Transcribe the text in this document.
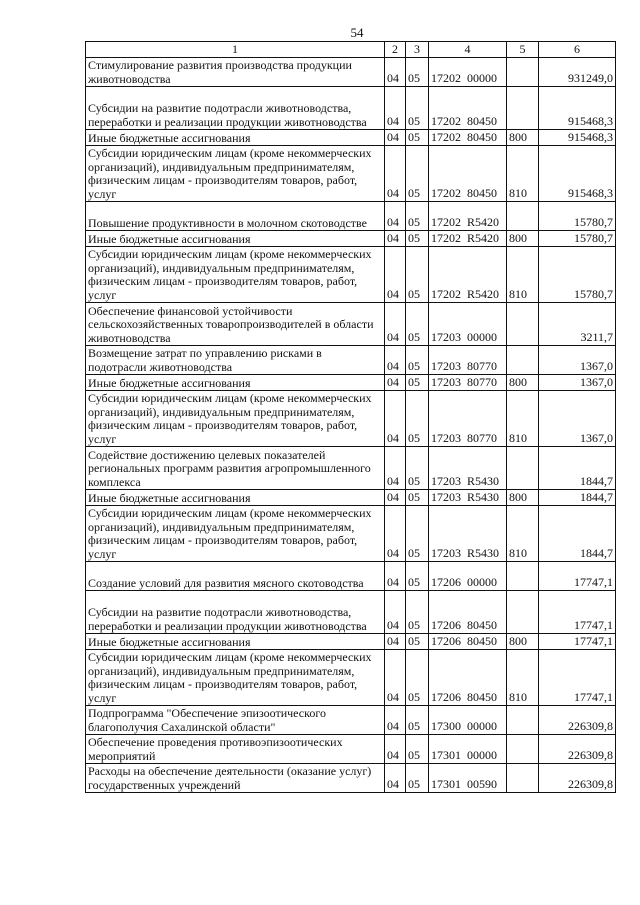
54
1	2	3	4	5	6
Стимулирование развития производства продукции животноводства	04	05	17202  00000		931249,0
Субсидии на развитие подотрасли животноводства, переработки и реализации продукции животноводства	04	05	17202  80450		915468,3
Иные бюджетные ассигнования	04	05	17202  80450	800	915468,3
Субсидии юридическим лицам (кроме некоммерческих организаций), индивидуальным предпринимателям, физическим лицам - производителям товаров, работ, услуг	04	05	17202  80450	810	915468,3
Повышение продуктивности в молочном скотоводстве	04	05	17202  R5420		15780,7
Иные бюджетные ассигнования	04	05	17202  R5420	800	15780,7
Субсидии юридическим лицам (кроме некоммерческих организаций), индивидуальным предпринимателям, физическим лицам - производителям товаров, работ, услуг	04	05	17202  R5420	810	15780,7
Обеспечение финансовой устойчивости сельскохозяйственных товаропроизводителей в области животноводства	04	05	17203  00000		3211,7
Возмещение затрат по управлению рисками в подотрасли животноводства	04	05	17203  80770		1367,0
Иные бюджетные ассигнования	04	05	17203  80770	800	1367,0
Субсидии юридическим лицам (кроме некоммерческих организаций), индивидуальным предпринимателям, физическим лицам - производителям товаров, работ, услуг	04	05	17203  80770	810	1367,0
Содействие достижению целевых показателей региональных программ развития агропромышленного комплекса	04	05	17203  R5430		1844,7
Иные бюджетные ассигнования	04	05	17203  R5430	800	1844,7
Субсидии юридическим лицам (кроме некоммерческих организаций), индивидуальным предпринимателям, физическим лицам - производителям товаров, работ, услуг	04	05	17203  R5430	810	1844,7
Создание условий для развития мясного скотоводства	04	05	17206  00000		17747,1
Субсидии на развитие подотрасли животноводства, переработки и реализации продукции животноводства	04	05	17206  80450		17747,1
Иные бюджетные ассигнования	04	05	17206  80450	800	17747,1
Субсидии юридическим лицам (кроме некоммерческих организаций), индивидуальным предпринимателям, физическим лицам - производителям товаров, работ, услуг	04	05	17206  80450	810	17747,1
Подпрограмма "Обеспечение эпизоотического благополучия Сахалинской области"	04	05	17300  00000		226309,8
Обеспечение проведения противоэпизоотических мероприятий	04	05	17301  00000		226309,8
Расходы на обеспечение деятельности (оказание услуг) государственных учреждений	04	05	17301  00590		226309,8
